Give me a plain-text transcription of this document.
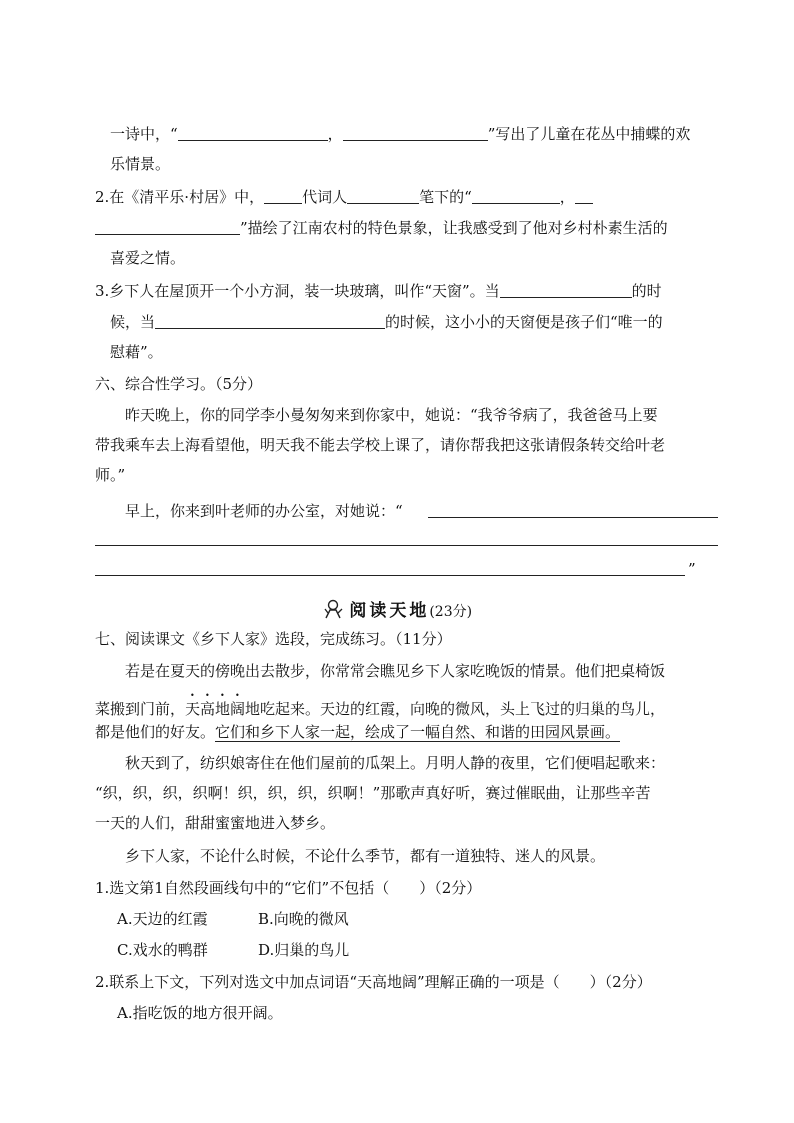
一诗中，“	，	”写出了儿童在花丛中捕蝶的欢
乐情景。
2.在《清平乐·村居》中，	代词人	笔下的“	，
”描绘了江南农村的特色景象，让我感受到了他对乡村朴素生活的
喜爱之情。
3.乡下人在屋顶开一个小方洞，装一块玻璃，叫作“天窗”。当	的时
候，当	的时候，这小小的天窗便是孩子们“唯一的
慰藉”。
六、综合性学习。（5分）
昨天晚上，你的同学李小曼匆匆来到你家中，她说：“我爷爷病了，我爸爸马上要
带我乘车去上海看望他，明天我不能去学校上课了，请你帮我把这张请假条转交给叶老
师。”
早上，你来到叶老师的办公室，对她说：“
”
阅读天地(23分)
七、阅读课文《乡下人家》选段，完成练习。（11分）
若是在夏天的傍晚出去散步，你常常会瞧见乡下人家吃晚饭的情景。他们把桌椅饭
菜搬到门前，天高地阔地吃起来。天边的红霞，向晚的微风，头上飞过的归巢的鸟儿，
都是他们的好友。它们和乡下人家一起，绘成了一幅自然、和谐的田园风景画。
秋天到了，纺织娘寄住在他们屋前的瓜架上。月明人静的夜里，它们便唱起歌来：
“织，织，织，织啊！织，织，织，织啊！”那歌声真好听，赛过催眠曲，让那些辛苦
一天的人们，甜甜蜜蜜地进入梦乡。
乡下人家，不论什么时候，不论什么季节，都有一道独特、迷人的风景。
1.选文第1自然段画线句中的“它们”不包括（　　）（2分）
A.天边的红霞	B.向晚的微风
C.戏水的鸭群	D.归巢的鸟儿
2.联系上下文，下列对选文中加点词语“天高地阔”理解正确的一项是（　　）（2分）
A.指吃饭的地方很开阔。
